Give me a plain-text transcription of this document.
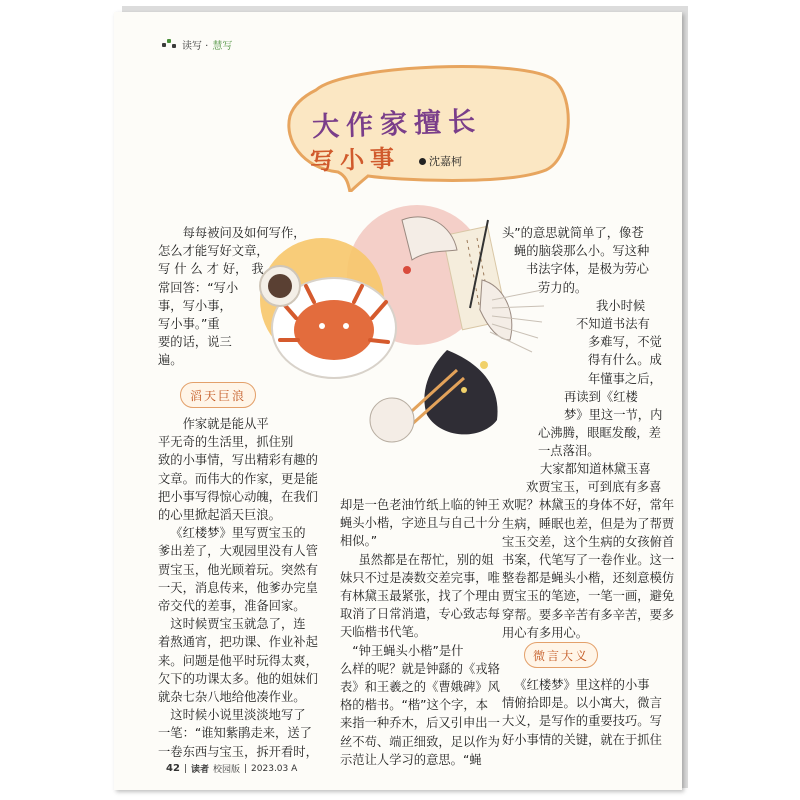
读写 · 慧写
大作家擅长
写小事	沈嘉柯

每每被问及如何写作，

怎么才能写好文章，

写 什 么 才 好， 我

常回答：“写小

事，写小事，

写小事。”重

要的话，说三

遍。

滔天巨浪

作家就是能从平

平无奇的生活里，抓住别

致的小事情，写出精彩有趣的

文章。而伟大的作家，更是能

把小事写得惊心动魄，在我们

的心里掀起滔天巨浪。

《红楼梦》里写贾宝玉的

爹出差了，大观园里没有人管

贾宝玉，他光顾着玩。突然有

一天，消息传来，他爹办完皇

帝交代的差事，准备回家。

这时候贾宝玉就急了，连

着熬通宵，把功课、作业补起

来。问题是他平时玩得太爽，

欠下的功课太多。他的姐妹们

就杂七杂八地给他凑作业。

这时候小说里淡淡地写了

一笔：“谁知紫鹃走来，送了

一卷东西与宝玉，拆开看时，

却是一色老油竹纸上临的钟王

蝇头小楷，字迹且与自己十分

相似。”

虽然都是在帮忙，别的姐

妹只不过是凑数交差完事，唯

有林黛玉最紧张，找了个理由

取消了日常消遣，专心致志每

天临楷书代笔。

“钟王蝇头小楷”是什

么样的呢？就是钟繇的《戎辂

表》和王羲之的《曹娥碑》风

格的楷书。“楷”这个字，本

来指一种乔木，后又引申出一

丝不苟、端正细致，足以作为

示范让人学习的意思。“蝇

头”的意思就简单了，像苍

蝇的脑袋那么小。写这种

书法字体，是极为劳心

劳力的。

我小时候

不知道书法有

多难写，不觉

得有什么。成

年懂事之后，

再读到《红楼

梦》里这一节，内

心沸腾，眼眶发酸，差

一点落泪。

大家都知道林黛玉喜

欢贾宝玉，可到底有多喜

欢呢？林黛玉的身体不好，常年

生病，睡眠也差，但是为了帮贾

宝玉交差，这个生病的女孩俯首

书案，代笔写了一卷作业。这一

整卷都是蝇头小楷，还刻意模仿

贾宝玉的笔迹，一笔一画，避免

穿帮。要多辛苦有多辛苦，要多

用心有多用心。

微言大义

《红楼梦》里这样的小事

情俯拾即是。以小寓大，微言

大义，是写作的重要技巧。写

好小事情的关键，就在于抓住

42 | 读者 校园版 | 2023.03 A
